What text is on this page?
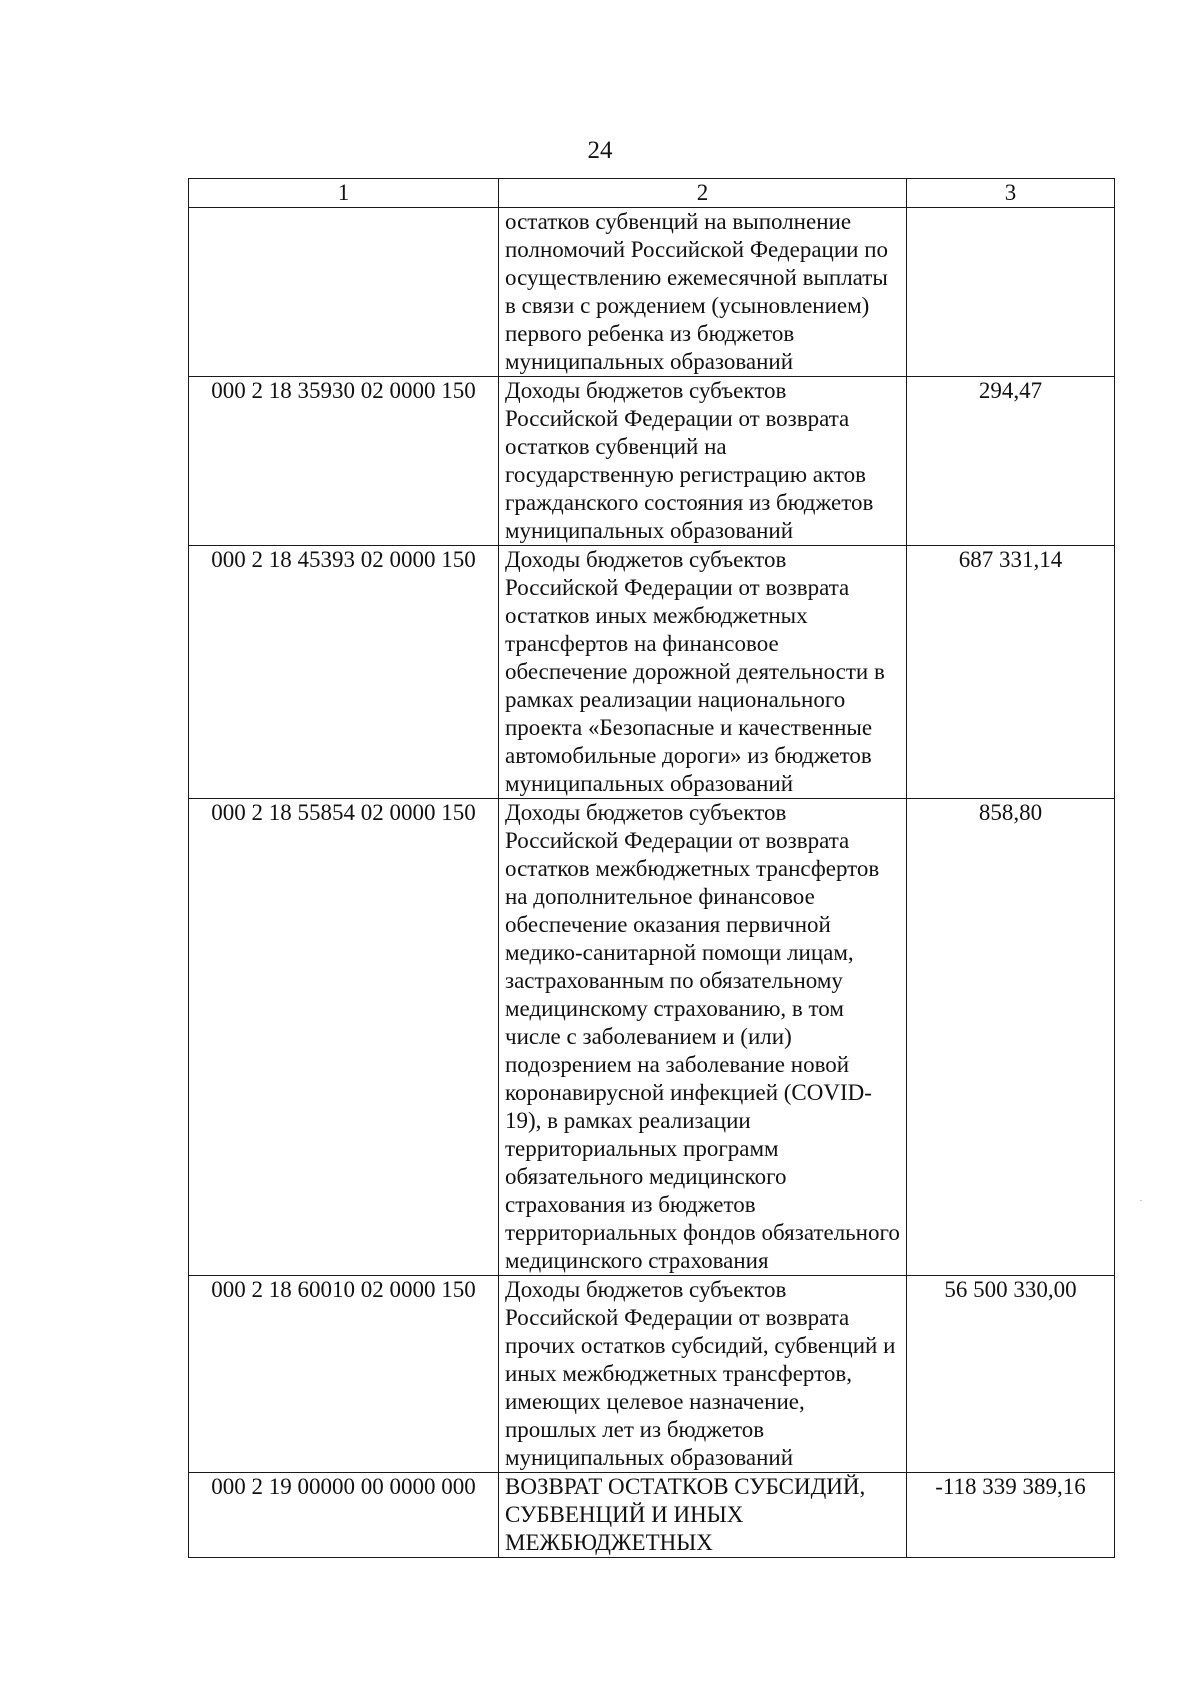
24
1	2	3
	остатков субвенций на выполнение полномочий Российской Федерации по осуществлению ежемесячной выплаты в связи с рождением (усыновлением) первого ребенка из бюджетов муниципальных образований	
000 2 18 35930 02 0000 150	Доходы бюджетов субъектов Российской Федерации от возврата остатков субвенций на государственную регистрацию актов гражданского состояния из бюджетов муниципальных образований	294,47
000 2 18 45393 02 0000 150	Доходы бюджетов субъектов Российской Федерации от возврата остатков иных межбюджетных трансфертов на финансовое обеспечение дорожной деятельности в рамках реализации национального проекта «Безопасные и качественные автомобильные дороги» из бюджетов муниципальных образований	687 331,14
000 2 18 55854 02 0000 150	Доходы бюджетов субъектов Российской Федерации от возврата остатков межбюджетных трансфертов на дополнительное финансовое обеспечение оказания первичной медико-санитарной помощи лицам, застрахованным по обязательному медицинскому страхованию, в том числе с заболеванием и (или) подозрением на заболевание новой коронавирусной инфекцией (COVID-19), в рамках реализации территориальных программ обязательного медицинского страхования из бюджетов территориальных фондов обязательного медицинского страхования	858,80
000 2 18 60010 02 0000 150	Доходы бюджетов субъектов Российской Федерации от возврата прочих остатков субсидий, субвенций и иных межбюджетных трансфертов, имеющих целевое назначение, прошлых лет из бюджетов муниципальных образований	56 500 330,00
000 2 19 00000 00 0000 000	ВОЗВРАТ ОСТАТКОВ СУБСИДИЙ, СУБВЕНЦИЙ И ИНЫХ МЕЖБЮДЖЕТНЫХ	-118 339 389,16
